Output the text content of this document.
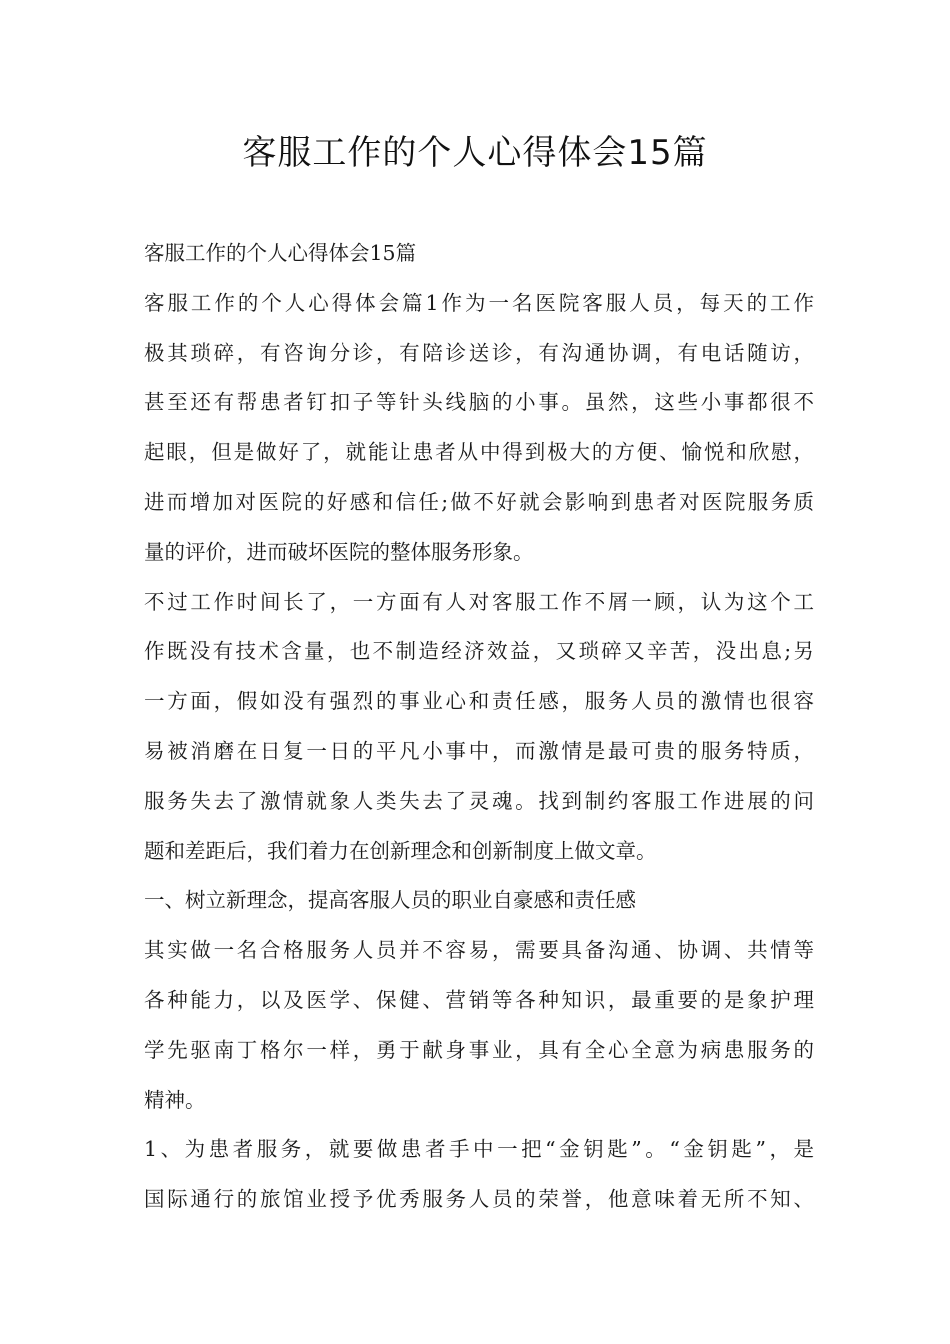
客服工作的个人心得体会15篇
客服工作的个人心得体会15篇
客服工作的个人心得体会篇1作为一名医院客服人员，每天的工作
极其琐碎，有咨询分诊，有陪诊送诊，有沟通协调，有电话随访，
甚至还有帮患者钉扣子等针头线脑的小事。虽然，这些小事都很不
起眼，但是做好了，就能让患者从中得到极大的方便、愉悦和欣慰，
进而增加对医院的好感和信任;做不好就会影响到患者对医院服务质
量的评价，进而破坏医院的整体服务形象。
不过工作时间长了，一方面有人对客服工作不屑一顾，认为这个工
作既没有技术含量，也不制造经济效益，又琐碎又辛苦，没出息;另
一方面，假如没有强烈的事业心和责任感，服务人员的激情也很容
易被消磨在日复一日的平凡小事中，而激情是最可贵的服务特质，
服务失去了激情就象人类失去了灵魂。找到制约客服工作进展的问
题和差距后，我们着力在创新理念和创新制度上做文章。
一、树立新理念，提高客服人员的职业自豪感和责任感
其实做一名合格服务人员并不容易，需要具备沟通、协调、共情等
各种能力，以及医学、保健、营销等各种知识，最重要的是象护理
学先驱南丁格尔一样，勇于献身事业，具有全心全意为病患服务的
精神。
1、为患者服务，就要做患者手中一把“金钥匙”。“金钥匙”，是
国际通行的旅馆业授予优秀服务人员的荣誉，他意味着无所不知、
